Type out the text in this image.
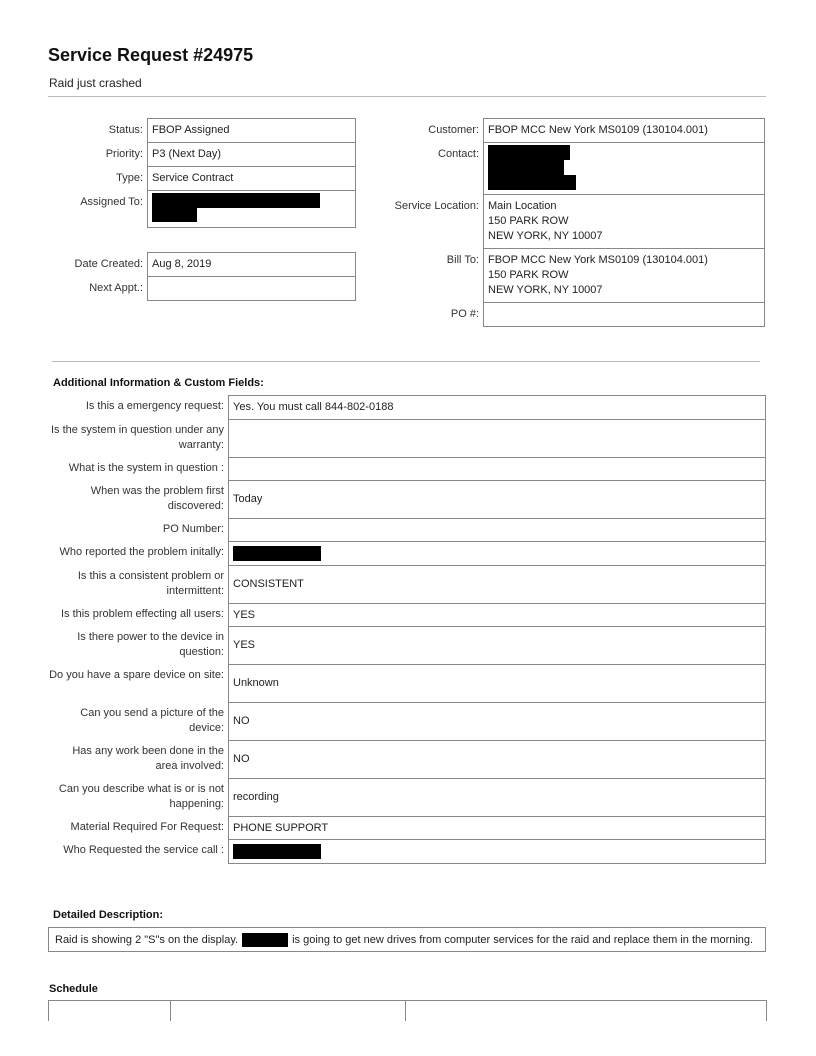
Service Request #24975
Raid just crashed
Status:	FBOP Assigned
Priority:	P3 (Next Day)
Type:	Service Contract
Assigned To:	
Date Created:	Aug 8, 2019
Next Appt.:	
Customer:	FBOP MCC New York MS0109 (130104.001)
Contact:	

Service Location:	Main Location
150 PARK ROW
NEW YORK, NY 10007

Bill To:	FBOP MCC New York MS0109 (130104.001)
150 PARK ROW
NEW YORK, NY 10007

PO #:	
Additional Information & Custom Fields:
Is this a emergency request:	Yes. You must call 844-802-0188
Is the system in question under any warranty:	
What is the system in question :	
When was the problem first discovered:	Today
PO Number:	
Who reported the problem initally:	

Is this a consistent problem or intermittent:	CONSISTENT
Is this problem effecting all users:	YES
Is there power to the device in question:	YES
Do you have a spare device on site:	Unknown
Can you send a picture of the device:	NO
Has any work been done in the area involved:	NO
Can you describe what is or is not happening:	recording
Material Required For Request:	PHONE SUPPORT
Who Requested the service call :	
Detailed Description:
Raid is showing 2 "S"s on the display.	is going to get new drives from computer services for the raid and replace them in the morning.
Schedule
